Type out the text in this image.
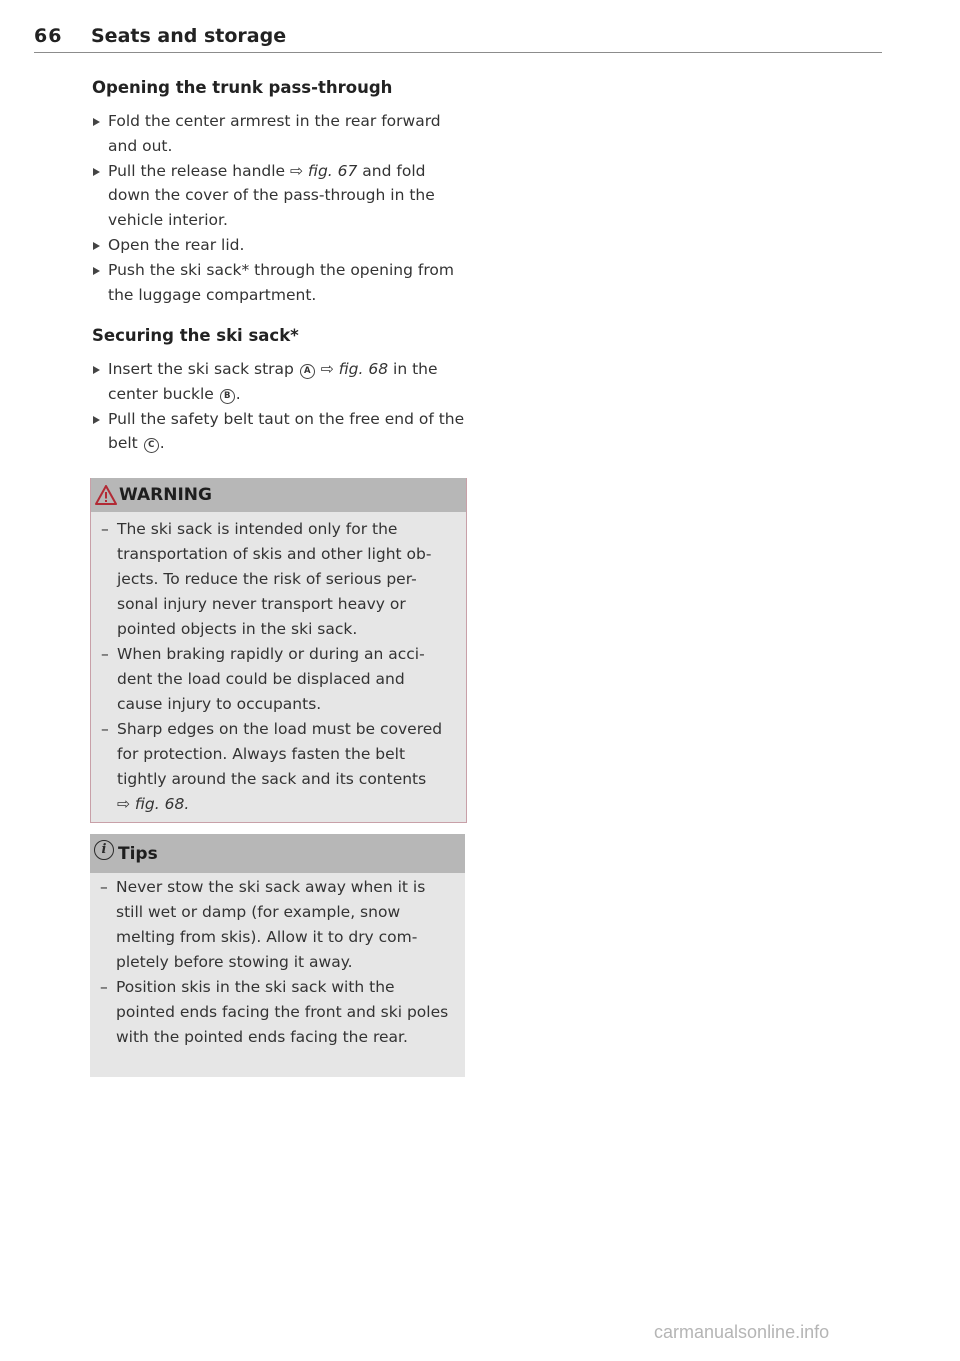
66 Seats and storage
Opening the trunk pass-through
Fold the center armrest in the rear forward and out.
Pull the release handle ⇨ fig. 67 and fold down the cover of the pass-through in the vehicle interior.
Open the rear lid.
Push the ski sack* through the opening from the luggage compartment.
Securing the ski sack*
Insert the ski sack strap A ⇨ fig. 68 in the center buckle B .
Pull the safety belt taut on the free end of the belt C .
WARNING
– The ski sack is intended only for the transportation of skis and other light ob- jects. To reduce the risk of serious per- sonal injury never transport heavy or pointed objects in the ski sack.
– When braking rapidly or during an acci- dent the load could be displaced and cause injury to occupants.
– Sharp edges on the load must be covered for protection. Always fasten the belt tightly around the sack and its contents
⇨ fig. 68.
i Tips
– Never stow the ski sack away when it is still wet or damp (for example, snow melting from skis). Allow it to dry com- pletely before stowing it away.
– Position skis in the ski sack with the pointed ends facing the front and ski poles with the pointed ends facing the rear.
carmanualsonline.info
